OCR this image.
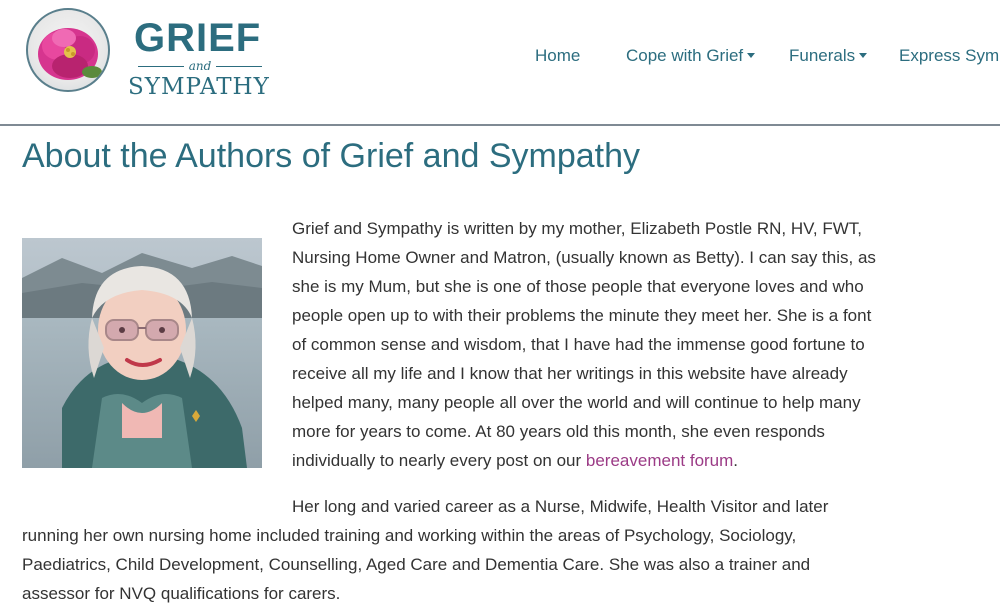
GRIEF
and
SYMPATHY
Home	Cope with Grief	Funerals	Express Sym
About the Authors of Grief and Sympathy

Grief and Sympathy is written by my mother, Elizabeth Postle RN, HV, FWT,
Nursing Home Owner and Matron, (usually known as Betty). I can say this, as
she is my Mum, but she is one of those people that everyone loves and who
people open up to with their problems the minute they meet her. She is a font
of common sense and wisdom, that I have had the immense good fortune to
receive all my life and I know that her writings in this website have already
helped many, many people all over the world and will continue to help many
more for years to come. At 80 years old this month, she even responds
individually to nearly every post on our bereavement forum.

Her long and varied career as a Nurse, Midwife, Health Visitor and later
running her own nursing home included training and working within the areas of Psychology, Sociology,
Paediatrics, Child Development, Counselling, Aged Care and Dementia Care. She was also a trainer and
assessor for NVQ qualifications for carers.
